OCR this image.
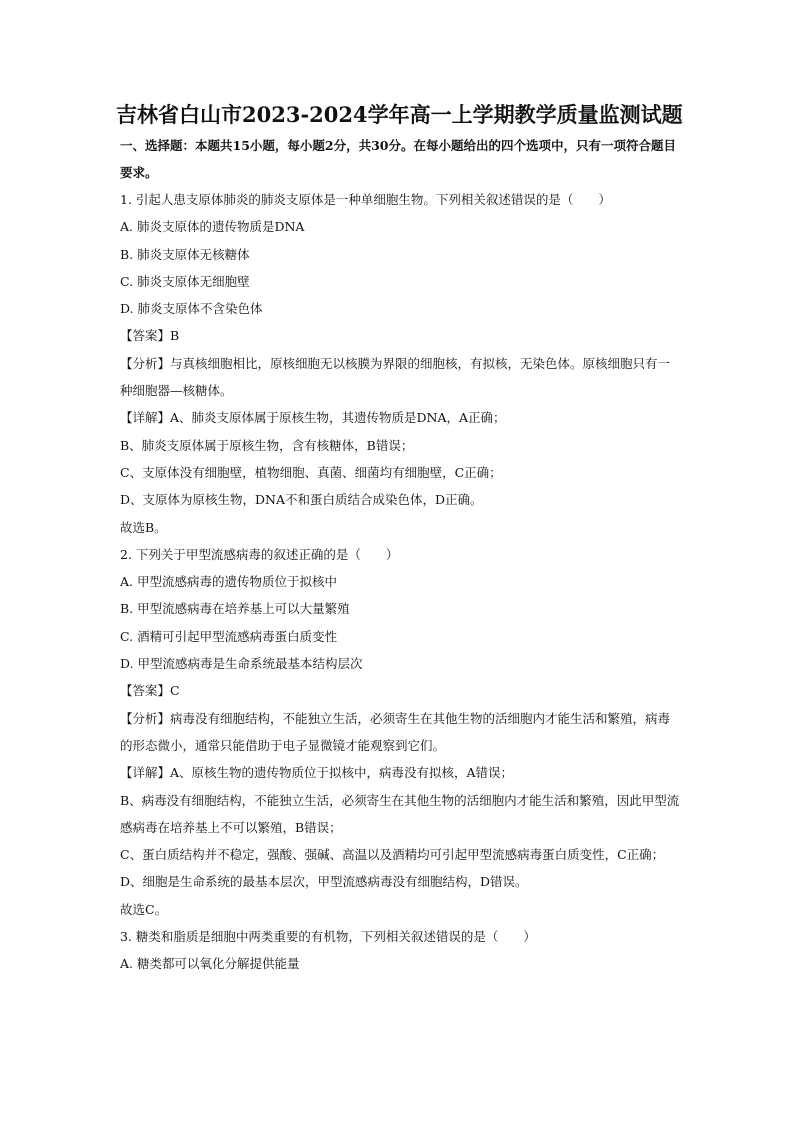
吉林省白山市2023-2024学年高一上学期教学质量监测试题

一、选择题：本题共15小题，每小题2分，共30分。在每小题给出的四个选项中，只有一项符合题目要求。

1. 引起人患支原体肺炎的肺炎支原体是一种单细胞生物。下列相关叙述错误的是（　　）

A. 肺炎支原体的遗传物质是DNA

B. 肺炎支原体无核糖体

C. 肺炎支原体无细胞壁

D. 肺炎支原体不含染色体

【答案】B

【分析】与真核细胞相比，原核细胞无以核膜为界限的细胞核，有拟核，无染色体。原核细胞只有一种细胞器—核糖体。

【详解】A、肺炎支原体属于原核生物，其遗传物质是DNA，A正确；

B、肺炎支原体属于原核生物，含有核糖体，B错误；

C、支原体没有细胞壁，植物细胞、真菌、细菌均有细胞壁，C正确；

D、支原体为原核生物，DNA不和蛋白质结合成染色体，D正确。

故选B。

2. 下列关于甲型流感病毒的叙述正确的是（　　）

A. 甲型流感病毒的遗传物质位于拟核中

B. 甲型流感病毒在培养基上可以大量繁殖

C. 酒精可引起甲型流感病毒蛋白质变性

D. 甲型流感病毒是生命系统最基本结构层次

【答案】C

【分析】病毒没有细胞结构，不能独立生活，必须寄生在其他生物的活细胞内才能生活和繁殖，病毒的形态微小，通常只能借助于电子显微镜才能观察到它们。

【详解】A、原核生物的遗传物质位于拟核中，病毒没有拟核，A错误；

B、病毒没有细胞结构，不能独立生活，必须寄生在其他生物的活细胞内才能生活和繁殖，因此甲型流感病毒在培养基上不可以繁殖，B错误；

C、蛋白质结构并不稳定，强酸、强碱、高温以及酒精均可引起甲型流感病毒蛋白质变性，C正确；

D、细胞是生命系统的最基本层次，甲型流感病毒没有细胞结构，D错误。

故选C。

3. 糖类和脂质是细胞中两类重要的有机物，下列相关叙述错误的是（　　）

A. 糖类都可以氧化分解提供能量
